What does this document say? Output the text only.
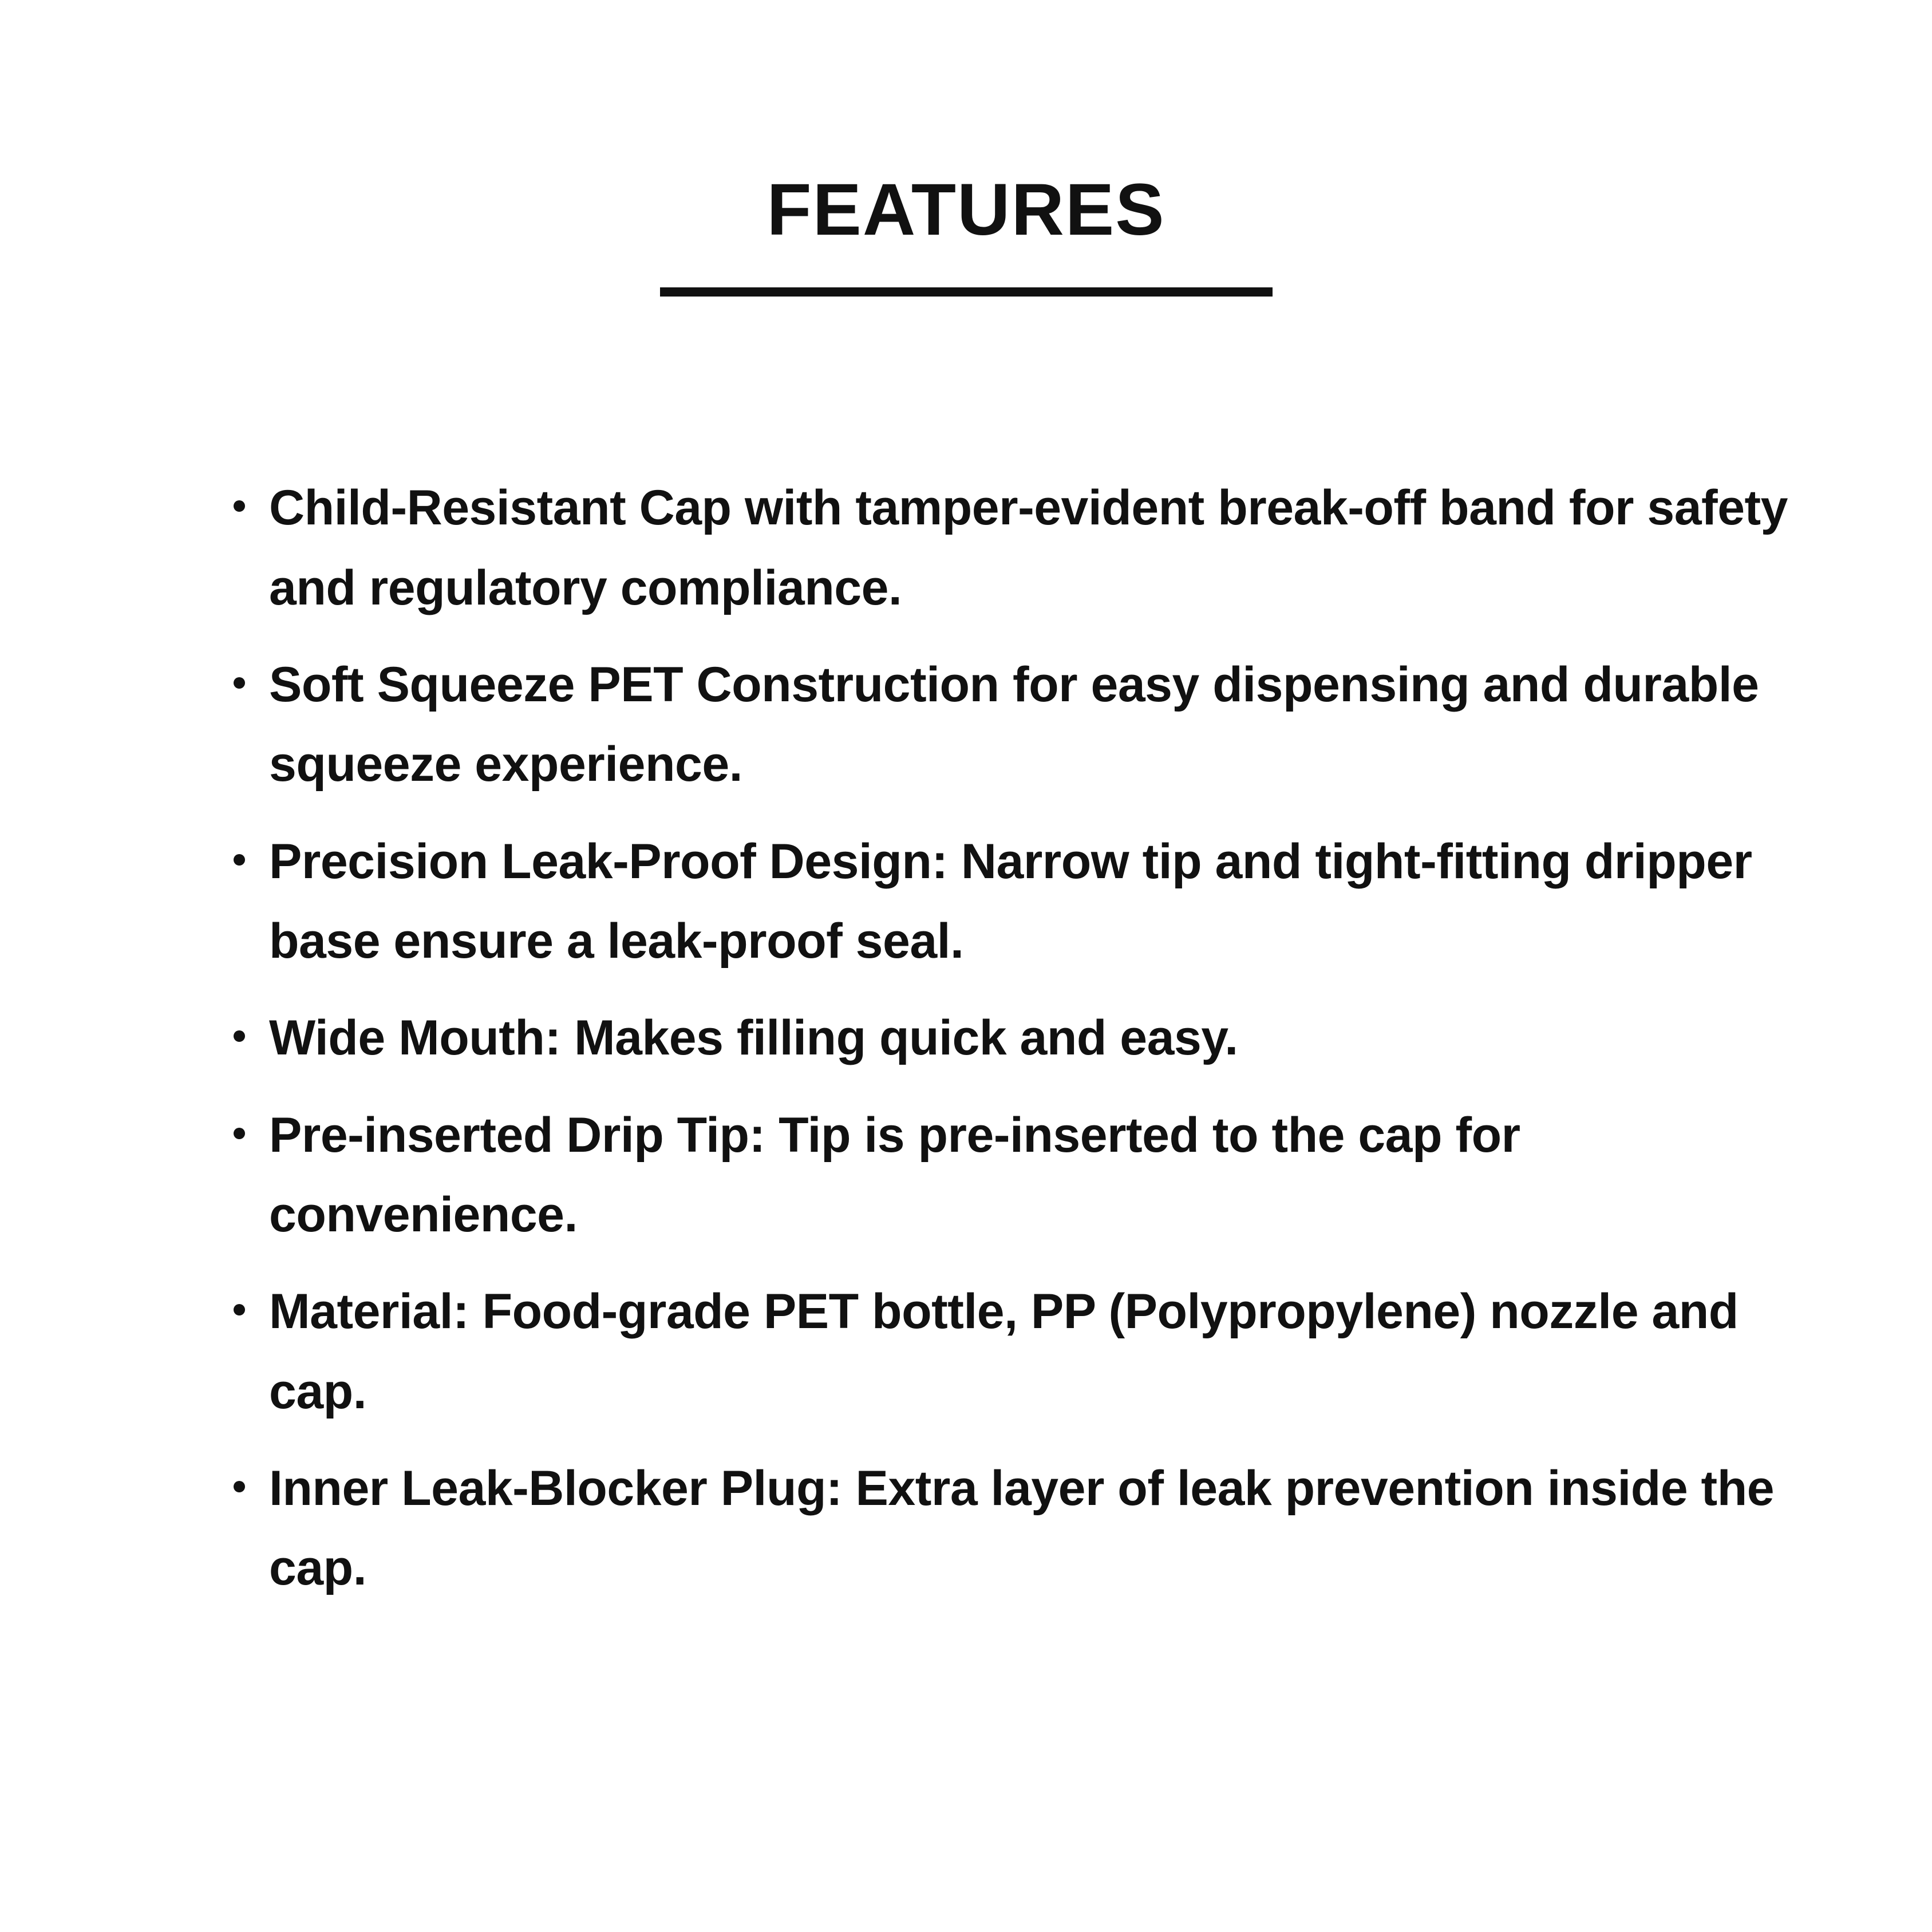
FEATURES
Child-Resistant Cap with tamper-evident break-off band for safety and regulatory compliance.
Soft Squeeze PET Construction for easy dispensing and durable squeeze experience.
Precision Leak-Proof Design: Narrow tip and tight-fitting dripper base ensure a leak-proof seal.
Wide Mouth: Makes filling quick and easy.
Pre-inserted Drip Tip: Tip is pre-inserted to the cap for convenience.
Material: Food-grade PET bottle, PP (Polypropylene) nozzle and cap.
Inner Leak-Blocker Plug: Extra layer of leak prevention inside the cap.
